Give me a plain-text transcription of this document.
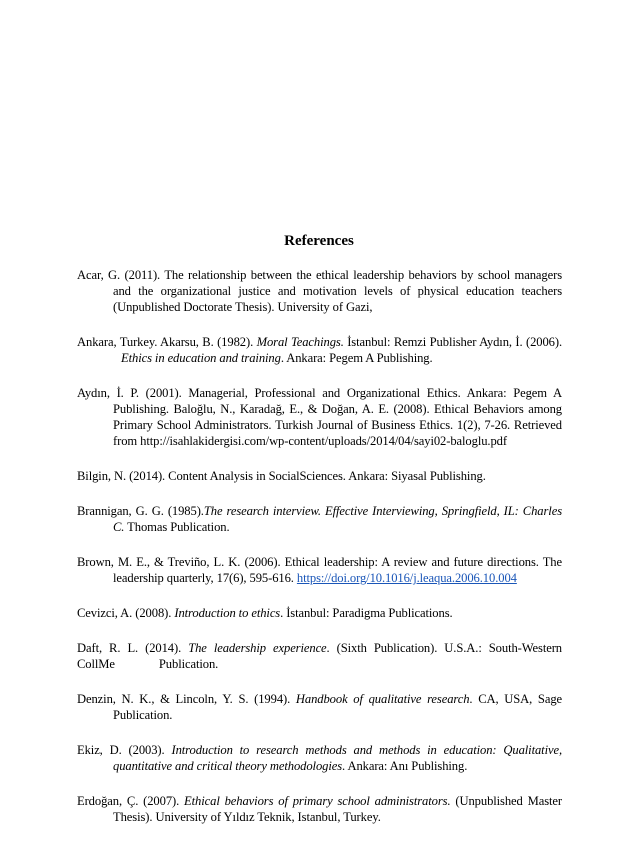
References

Acar, G. (2011). The relationship between the ethical leadership behaviors by school managers and the organizational justice and motivation levels of physical education teachers (Unpublished Doctorate Thesis). University of Gazi,

Ankara, Turkey. Akarsu, B. (1982). Moral Teachings. İstanbul: Remzi Publisher Aydın, İ. (2006).Ethics in education and training. Ankara: Pegem A Publishing.

Aydın, İ. P. (2001). Managerial, Professional and Organizational Ethics. Ankara: Pegem A Publishing. Baloğlu, N., Karadağ, E., & Doğan, A. E. (2008). Ethical Behaviors among Primary School Administrators. Turkish Journal of Business Ethics. 1(2), 7-26. Retrieved from http://isahlakidergisi.com/wp-content/uploads/2014/04/sayi02-baloglu.pdf

Bilgin, N. (2014). Content Analysis in SocialSciences. Ankara: Siyasal Publishing.

Brannigan, G. G. (1985).The research interview. Effective Interviewing, Springfield, IL: Charles C. Thomas Publication.

Brown, M. E., & Treviño, L. K. (2006). Ethical leadership: A review and future directions. The leadership quarterly, 17(6), 595-616. https://doi.org/10.1016/j.leaqua.2006.10.004

Cevizci, A. (2008). Introduction to ethics. İstanbul: Paradigma Publications.

Daft, R. L. (2014). The leadership experience. (Sixth Publication). U.S.A.: South-Western CollMe	Publication.

Denzin, N. K., & Lincoln, Y. S. (1994). Handbook of qualitative research. CA, USA, Sage Publication.

Ekiz, D. (2003). Introduction to research methods and methods in education: Qualitative, quantitative and critical theory methodologies. Ankara: Anı Publishing.

Erdoğan, Ç. (2007). Ethical behaviors of primary school administrators. (Unpublished Master Thesis). University of Yıldız Teknik, Istanbul, Turkey.
